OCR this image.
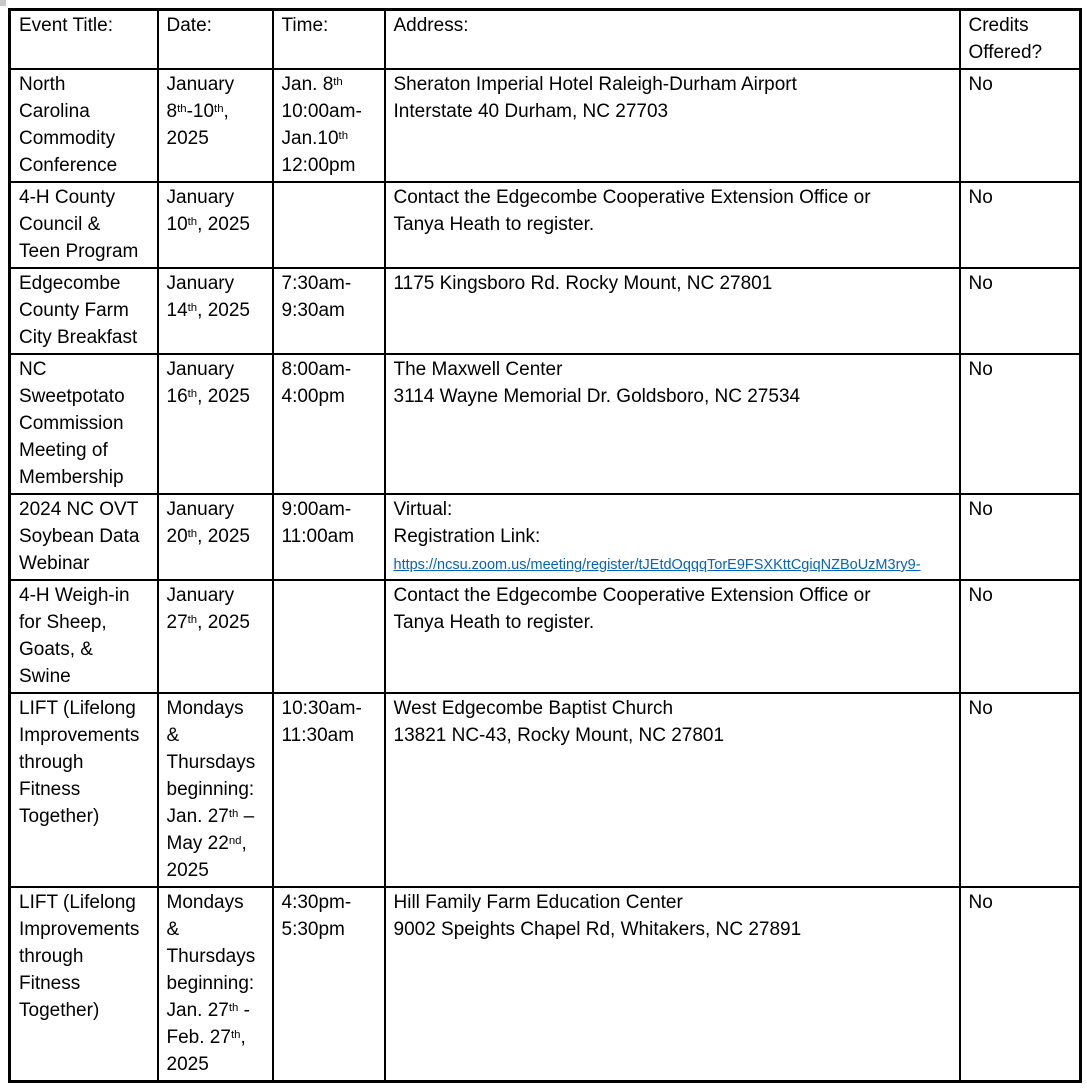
Event Title:	Date:	Time:	Address:	Credits Offered?
North
Carolina
Commodity
Conference	January
8th-10th,
2025	Jan. 8th
10:00am-
Jan.10th
12:00pm	Sheraton Imperial Hotel Raleigh-Durham Airport
Interstate 40 Durham, NC 27703	No
4-H County
Council &
Teen Program	January
10th, 2025		Contact the Edgecombe Cooperative Extension Office or
Tanya Heath to register.	No
Edgecombe
County Farm
City Breakfast	January
14th, 2025	7:30am-
9:30am	1175 Kingsboro Rd. Rocky Mount, NC 27801	No
NC
Sweetpotato
Commission
Meeting of
Membership	January
16th, 2025	8:00am-
4:00pm	The Maxwell Center
3114 Wayne Memorial Dr. Goldsboro, NC 27534	No
2024 NC OVT
Soybean Data
Webinar	January
20th, 2025	9:00am-
11:00am	Virtual:
Registration Link:
https://ncsu.zoom.us/meeting/register/tJEtdOqqqTorE9FSXKttCgiqNZBoUzM3ry9-	No
4-H Weigh-in
for Sheep,
Goats, &
Swine	January
27th, 2025		Contact the Edgecombe Cooperative Extension Office or
Tanya Heath to register.	No
LIFT (Lifelong
Improvements
through
Fitness
Together)	Mondays
&
Thursdays
beginning:
Jan. 27th –
May 22nd,
2025	10:30am-
11:30am	West Edgecombe Baptist Church
13821 NC-43, Rocky Mount, NC 27801	No
LIFT (Lifelong
Improvements
through
Fitness
Together)	Mondays
&
Thursdays
beginning:
Jan. 27th -
Feb. 27th,
2025	4:30pm-
5:30pm	Hill Family Farm Education Center
9002 Speights Chapel Rd, Whitakers, NC 27891	No
